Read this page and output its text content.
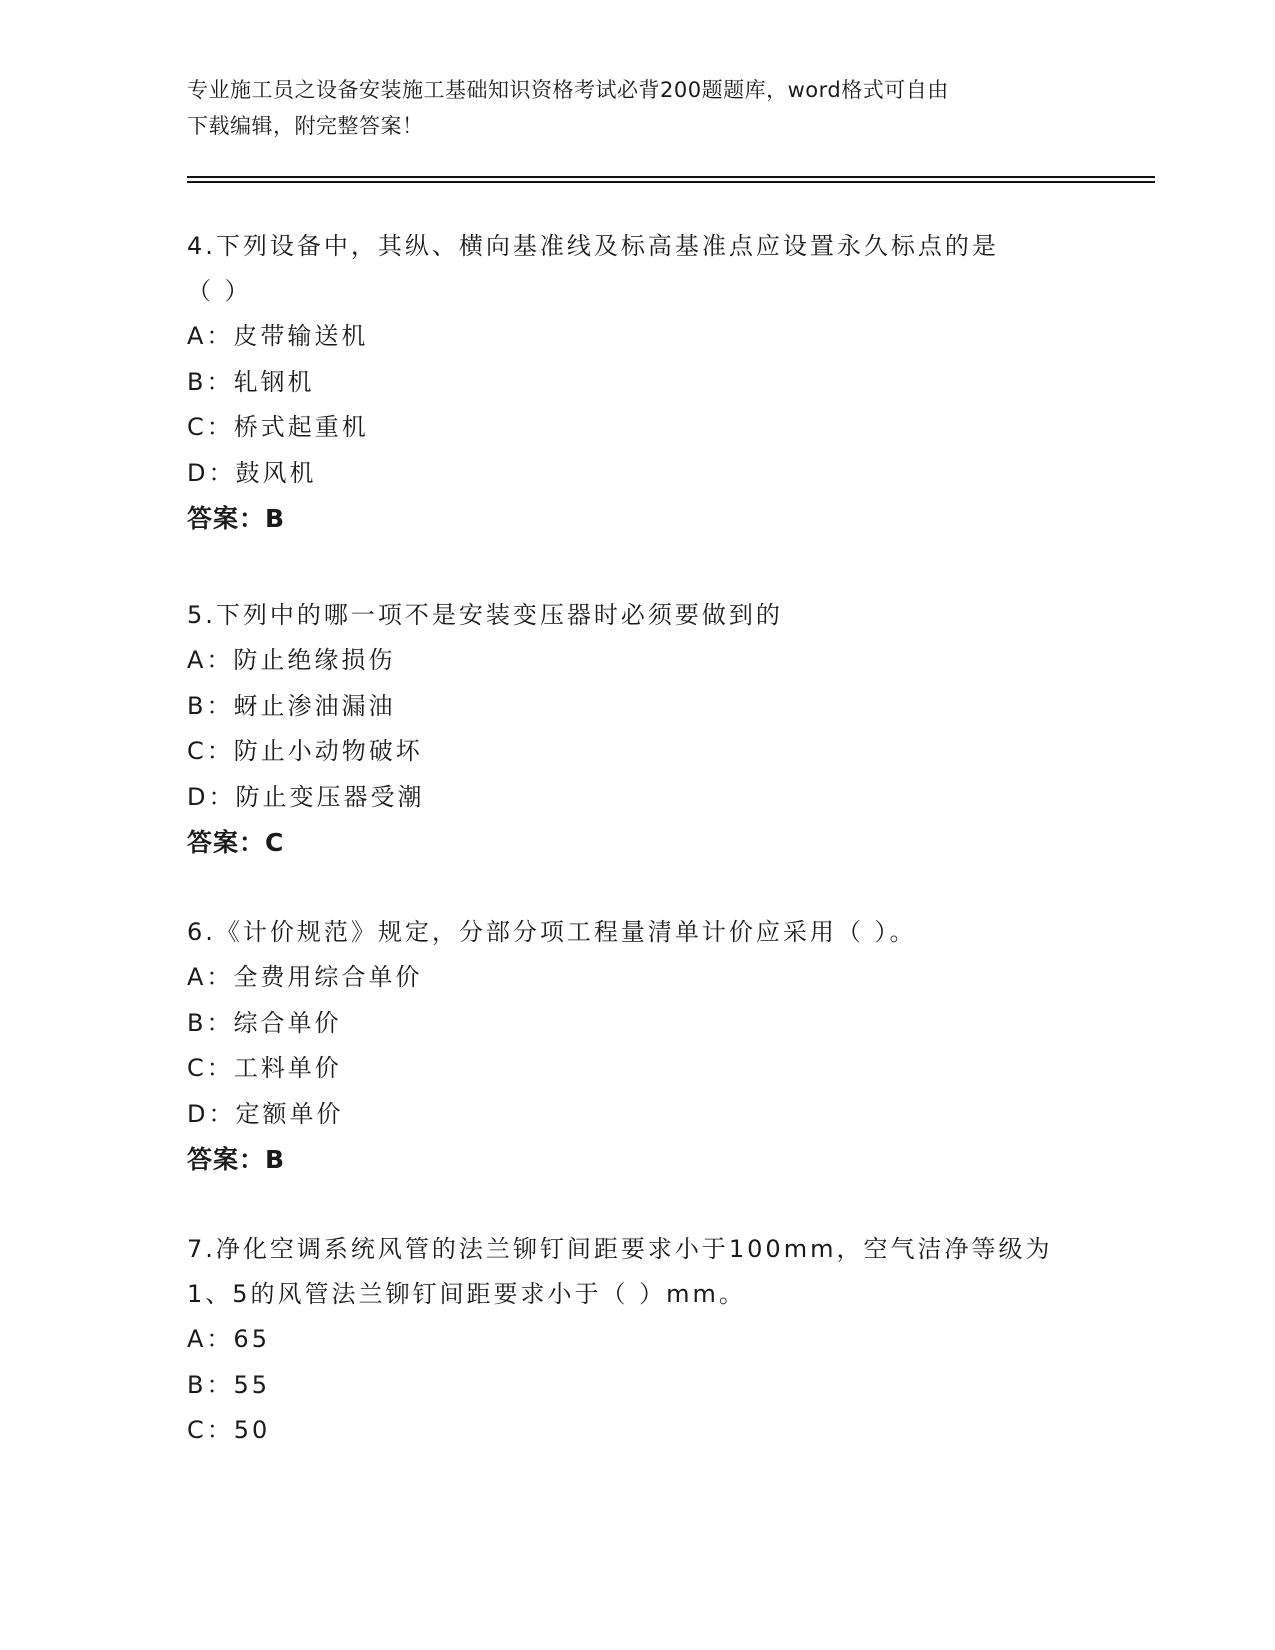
专业施工员之设备安装施工基础知识资格考试必背200题题库，word格式可自由
下载编辑，附完整答案！
4.下列设备中，其纵、横向基准线及标高基准点应设置永久标点的是
（ ）
A：皮带输送机
B：轧钢机
C：桥式起重机
D：鼓风机
答案：B
5.下列中的哪一项不是安装变压器时必须要做到的
A：防止绝缘损伤
B：蚜止渗油漏油
C：防止小动物破坏
D：防止变压器受潮
答案：C
6.《计价规范》规定，分部分项工程量清单计价应采用（ ）。
A：全费用综合单价
B：综合单价
C：工料单价
D：定额单价
答案：B
7.净化空调系统风管的法兰铆钉间距要求小于100mm，空气洁净等级为
1、5的风管法兰铆钉间距要求小于（ ）mm。
A：65
B：55
C：50
